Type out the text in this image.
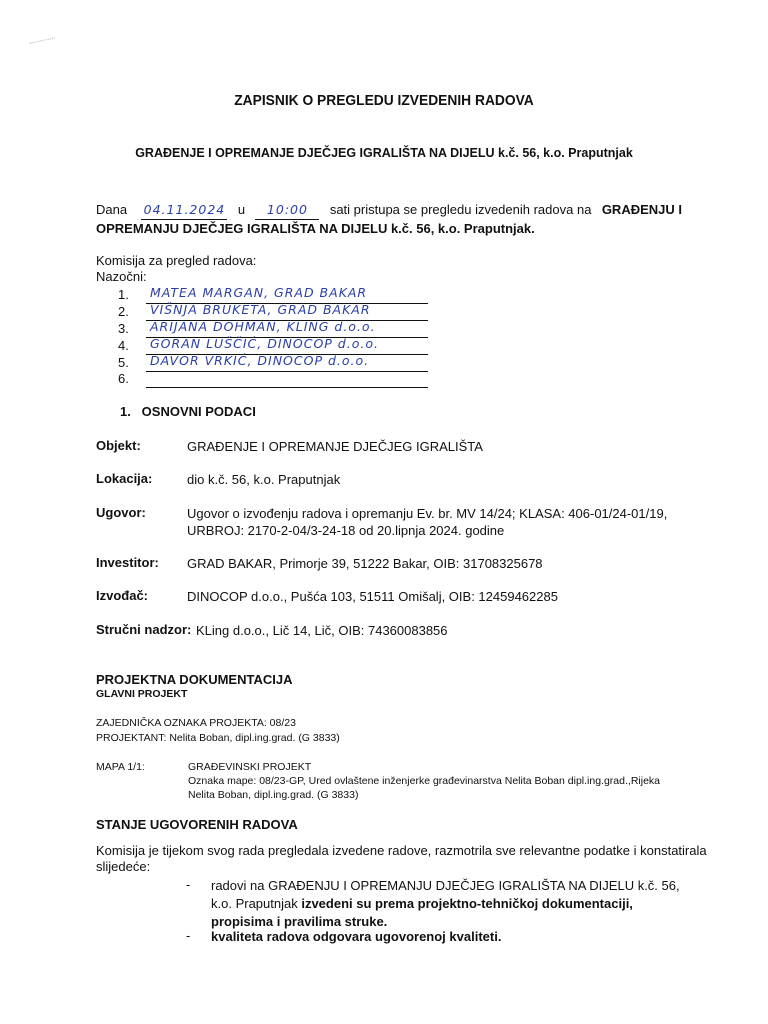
ZAPISNIK O PREGLEDU IZVEDENIH RADOVA
GRAĐENJE I OPREMANJE DJEČJEG IGRALIŠTA NA DIJELU k.č. 56, k.o. Praputnjak
Dana 04.11.2024 u	10:00	sati pristupa se pregledu izvedenih radova na GRAĐENJU I
OPREMANJU DJEČJEG IGRALIŠTA NA DIJELU k.č. 56, k.o. Praputnjak.
Komisija za pregled radova:
Nazočni:
1. MATEA MARGAN, GRAD BAKAR
2. VIŠNJA BRUKETA, GRAD BAKAR
3. ARIJANA DOHMAN, KLING d.o.o.
4. GORAN LUŠČIĆ, DINOCOP d.o.o.
5. DAVOR VRKIĆ, DINOCOP d.o.o.
6.
1.   OSNOVNI PODACI
Objekt:	GRAĐENJE I OPREMANJE DJEČJEG IGRALIŠTA
Lokacija:	dio k.č. 56, k.o. Praputnjak
Ugovor:	Ugovor o izvođenju radova i opremanju Ev. br. MV 14/24; KLASA: 406-01/24-01/19,
URBROJ: 2170-2-04/3-24-18 od 20.lipnja 2024. godine
Investitor: GRAD BAKAR, Primorje 39, 51222 Bakar, OIB: 31708325678
Izvođač:	DINOCOP d.o.o., Pušća 103, 51511 Omišalj, OIB: 12459462285
Stručni nadzor: KLing d.o.o., Lič 14, Lič, OIB: 74360083856
PROJEKTNA DOKUMENTACIJA
GLAVNI PROJEKT
ZAJEDNIČKA OZNAKA PROJEKTA: 08/23
PROJEKTANT: Nelita Boban, dipl.ing.grad. (G 3833)
MAPA 1/1:	GRAĐEVINSKI PROJEKT
Oznaka mape: 08/23-GP, Ured ovlaštene inženjerke građevinarstva Nelita Boban dipl.ing.grad.,Rijeka
Nelita Boban, dipl.ing.grad. (G 3833)
STANJE UGOVORENIH RADOVA
Komisija je tijekom svog rada pregledala izvedene radove, razmotrila sve relevantne podatke i konstatirala
slijedeće:
- radovi na GRAĐENJU I OPREMANJU DJEČJEG IGRALIŠTA NA DIJELU k.č. 56,
k.o. Praputnjak izvedeni su prema projektno-tehničkoj dokumentaciji,
propisima i pravilima struke.
- kvaliteta radova odgovara ugovorenoj kvaliteti.
